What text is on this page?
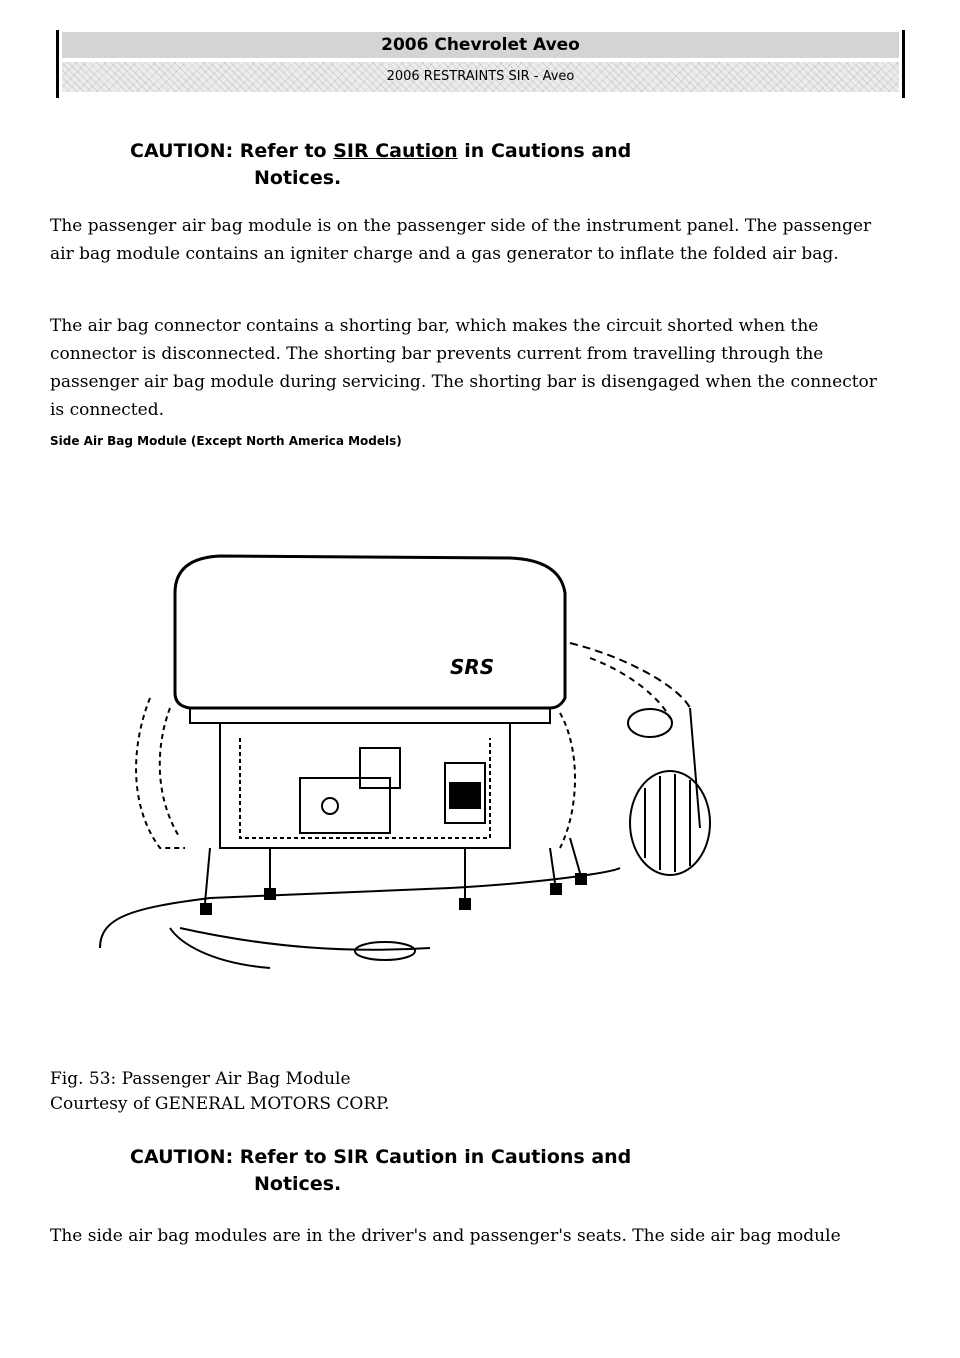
2006 Chevrolet Aveo
2006 RESTRAINTS SIR - Aveo
CAUTION: Refer to SIR Caution in Cautions and
Notices.
The passenger air bag module is on the passenger side of the instrument panel. The passenger air bag module contains an igniter charge and a gas generator to inflate the folded air bag.
The air bag connector contains a shorting bar, which makes the circuit shorted when the connector is disconnected. The shorting bar prevents current from travelling through the passenger air bag module during servicing. The shorting bar is disengaged when the connector is connected.
Side Air Bag Module (Except North America Models)
SRS
Fig. 53: Passenger Air Bag Module
Courtesy of GENERAL MOTORS CORP.
CAUTION: Refer to SIR Caution in Cautions and
Notices.
The side air bag modules are in the driver's and passenger's seats. The side air bag module
